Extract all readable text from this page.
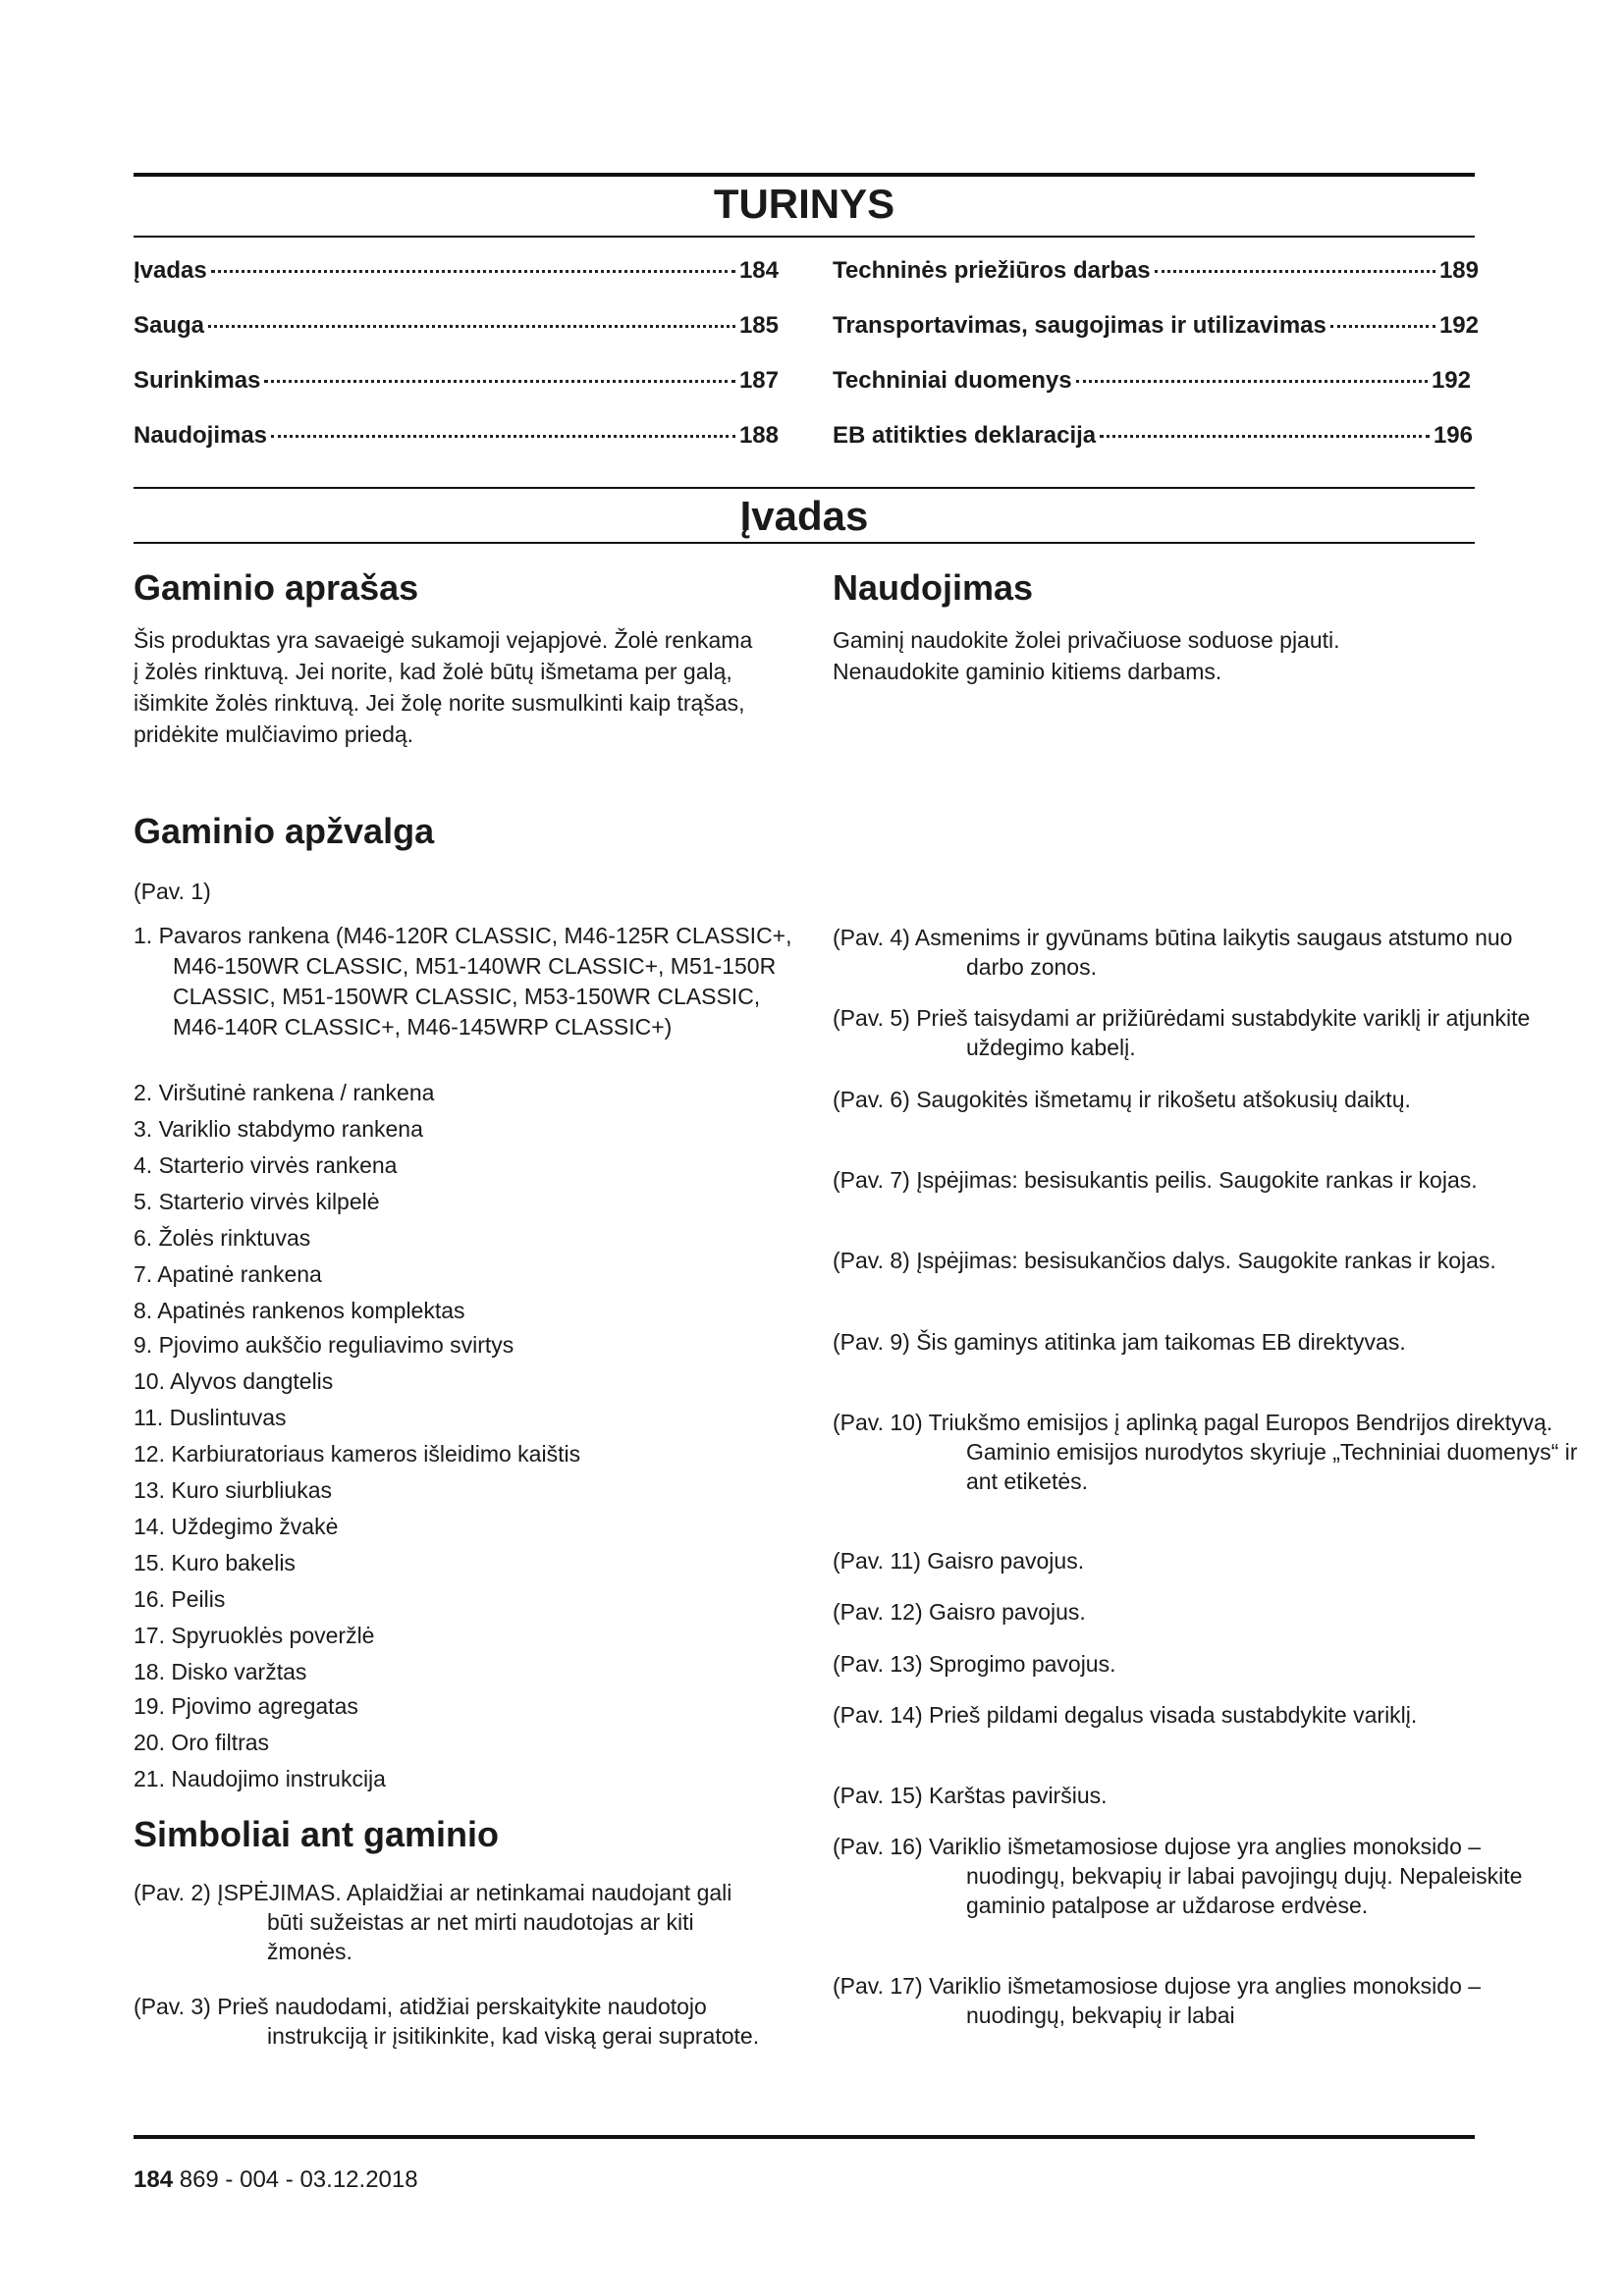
TURINYS
Įvadas	184
Sauga	185
Surinkimas	187
Naudojimas	188
Techninės priežiūros darbas	189
Transportavimas, saugojimas ir utilizavimas	192
Techniniai duomenys	192
EB atitikties deklaracija	196
Įvadas
Gaminio aprašas

Šis produktas yra savaeigė sukamoji vejapjovė. Žolė renkama į žolės rinktuvą. Jei norite, kad žolė būtų išmetama per galą, išimkite žolės rinktuvą. Jei žolę norite susmulkinti kaip trąšas, pridėkite mulčiavimo priedą.

Gaminio apžvalga
(Pav. 1)
1. Pavaros rankena (M46-120R CLASSIC, M46-125R CLASSIC+, M46-150WR CLASSIC, M51-140WR CLASSIC+, M51-150R CLASSIC, M51-150WR CLASSIC, M53-150WR CLASSIC, M46-140R CLASSIC+, M46-145WRP CLASSIC+)
2. Viršutinė rankena / rankena
3. Variklio stabdymo rankena
4. Starterio virvės rankena
5. Starterio virvės kilpelė
6. Žolės rinktuvas
7. Apatinė rankena
8. Apatinės rankenos komplektas
9. Pjovimo aukščio reguliavimo svirtys
10. Alyvos dangtelis
11. Duslintuvas
12. Karbiuratoriaus kameros išleidimo kaištis
13. Kuro siurbliukas
14. Uždegimo žvakė
15. Kuro bakelis
16. Peilis
17. Spyruoklės poveržlė
18. Disko varžtas
19. Pjovimo agregatas
20. Oro filtras
21. Naudojimo instrukcija
Simboliai ant gaminio
(Pav. 2) ĮSPĖJIMAS. Aplaidžiai ar netinkamai naudojant gali būti sužeistas ar net mirti naudotojas ar kiti žmonės.
(Pav. 3) Prieš naudodami, atidžiai perskaitykite naudotojo instrukciją ir įsitikinkite, kad viską gerai supratote.
Naudojimas

Gaminį naudokite žolei privačiuose soduose pjauti. Nenaudokite gaminio kitiems darbams.

(Pav. 4) Asmenims ir gyvūnams būtina laikytis saugaus atstumo nuo darbo zonos.
(Pav. 5) Prieš taisydami ar prižiūrėdami sustabdykite variklį ir atjunkite uždegimo kabelį.
(Pav. 6) Saugokitės išmetamų ir rikošetu atšokusių daiktų.
(Pav. 7) Įspėjimas: besisukantis peilis. Saugokite rankas ir kojas.
(Pav. 8) Įspėjimas: besisukančios dalys. Saugokite rankas ir kojas.
(Pav. 9) Šis gaminys atitinka jam taikomas EB direktyvas.
(Pav. 10) Triukšmo emisijos į aplinką pagal Europos Bendrijos direktyvą. Gaminio emisijos nurodytos skyriuje „Techniniai duomenys“ ir ant etiketės.
(Pav. 11) Gaisro pavojus.
(Pav. 12) Gaisro pavojus.
(Pav. 13) Sprogimo pavojus.
(Pav. 14) Prieš pildami degalus visada sustabdykite variklį.
(Pav. 15) Karštas paviršius.
(Pav. 16) Variklio išmetamosiose dujose yra anglies monoksido – nuodingų, bekvapių ir labai pavojingų dujų. Nepaleiskite gaminio patalpose ar uždarose erdvėse.
(Pav. 17) Variklio išmetamosiose dujose yra anglies monoksido – nuodingų, bekvapių ir labai
184 869 - 004 - 03.12.2018
